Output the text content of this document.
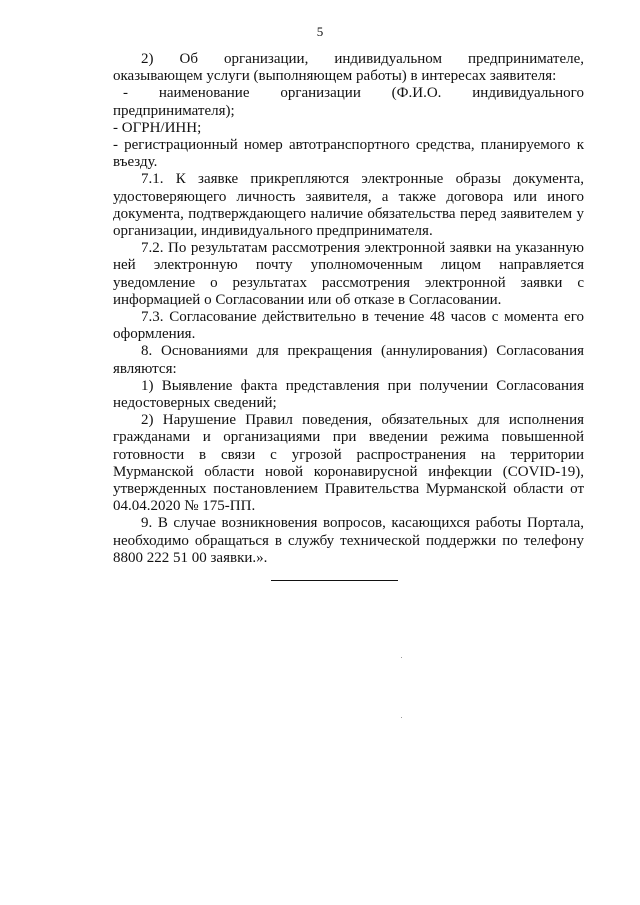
5

2) Об организации, индивидуальном предпринимателе, оказывающем услуги (выполняющем работы) в интересах заявителя:

- наименование организации (Ф.И.О. индивидуального

предпринимателя);

- ОГРН/ИНН;

- регистрационный номер автотранспортного средства, планируемого к въезду.

7.1. К заявке прикрепляются электронные образы документа, удостоверяющего личность заявителя, а также договора или иного документа, подтверждающего наличие обязательства перед заявителем у организации, индивидуального предпринимателя.

7.2. По результатам рассмотрения электронной заявки на указанную ней электронную почту уполномоченным лицом направляется уведомление о результатах рассмотрения электронной заявки с информацией о Согласовании или об отказе в Согласовании.

7.3. Согласование действительно в течение 48 часов с момента его оформления.

8. Основаниями для прекращения (аннулирования) Согласования являются:

1) Выявление факта представления при получении Согласования недостоверных сведений;

2) Нарушение Правил поведения, обязательных для исполнения гражданами и организациями при введении режима повышенной готовности в связи с угрозой распространения на территории Мурманской области новой коронавирусной инфекции (COVID-19), утвержденных постановлением Правительства Мурманской области от 04.04.2020 № 175-ПП.

9. В случае возникновения вопросов, касающихся работы Портала, необходимо обращаться в службу технической поддержки по телефону 8800 222 51 00 заявки.».
